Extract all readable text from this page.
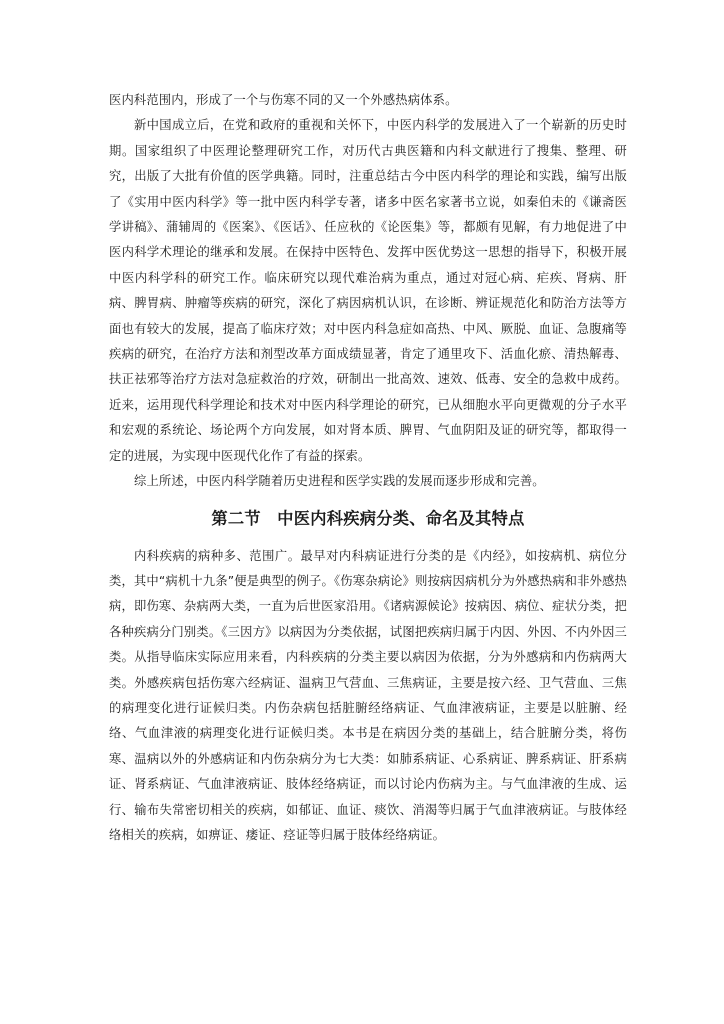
医内科范围内，形成了一个与伤寒不同的又一个外感热病体系。

新中国成立后，在党和政府的重视和关怀下，中医内科学的发展进入了一个崭新的历史时期。国家组织了中医理论整理研究工作，对历代古典医籍和内科文献进行了搜集、整理、研究，出版了大批有价值的医学典籍。同时，注重总结古今中医内科学的理论和实践，编写出版了《实用中医内科学》等一批中医内科学专著，诸多中医名家著书立说，如秦伯未的《谦斋医学讲稿》、蒲辅周的《医案》、《医话》、任应秋的《论医集》等，都颇有见解，有力地促进了中医内科学术理论的继承和发展。在保持中医特色、发挥中医优势这一思想的指导下，积极开展中医内科学科的研究工作。临床研究以现代难治病为重点，通过对冠心病、疟疾、肾病、肝病、脾胃病、肿瘤等疾病的研究，深化了病因病机认识，在诊断、辨证规范化和防治方法等方面也有较大的发展，提高了临床疗效；对中医内科急症如高热、中风、厥脱、血证、急腹痛等疾病的研究，在治疗方法和剂型改革方面成绩显著，肯定了通里攻下、活血化瘀、清热解毒、扶正祛邪等治疗方法对急症救治的疗效，研制出一批高效、速效、低毒、安全的急救中成药。近来，运用现代科学理论和技术对中医内科学理论的研究，已从细胞水平向更微观的分子水平和宏观的系统论、场论两个方向发展，如对肾本质、脾胃、气血阴阳及证的研究等，都取得一定的进展，为实现中医现代化作了有益的探索。

综上所述，中医内科学随着历史进程和医学实践的发展而逐步形成和完善。

第二节　中医内科疾病分类、命名及其特点

内科疾病的病种多、范围广。最早对内科病证进行分类的是《内经》，如按病机、病位分类，其中“病机十九条”便是典型的例子。《伤寒杂病论》则按病因病机分为外感热病和非外感热病，即伤寒、杂病两大类，一直为后世医家沿用。《诸病源候论》按病因、病位、症状分类，把各种疾病分门别类。《三因方》以病因为分类依据，试图把疾病归属于内因、外因、不内外因三类。从指导临床实际应用来看，内科疾病的分类主要以病因为依据，分为外感病和内伤病两大类。外感疾病包括伤寒六经病证、温病卫气营血、三焦病证，主要是按六经、卫气营血、三焦的病理变化进行证候归类。内伤杂病包括脏腑经络病证、气血津液病证，主要是以脏腑、经络、气血津液的病理变化进行证候归类。本书是在病因分类的基础上，结合脏腑分类，将伤寒、温病以外的外感病证和内伤杂病分为七大类：如肺系病证、心系病证、脾系病证、肝系病证、肾系病证、气血津液病证、肢体经络病证，而以讨论内伤病为主。与气血津液的生成、运行、输布失常密切相关的疾病，如郁证、血证、痰饮、消渴等归属于气血津液病证。与肢体经络相关的疾病，如痹证、痿证、痉证等归属于肢体经络病证。
